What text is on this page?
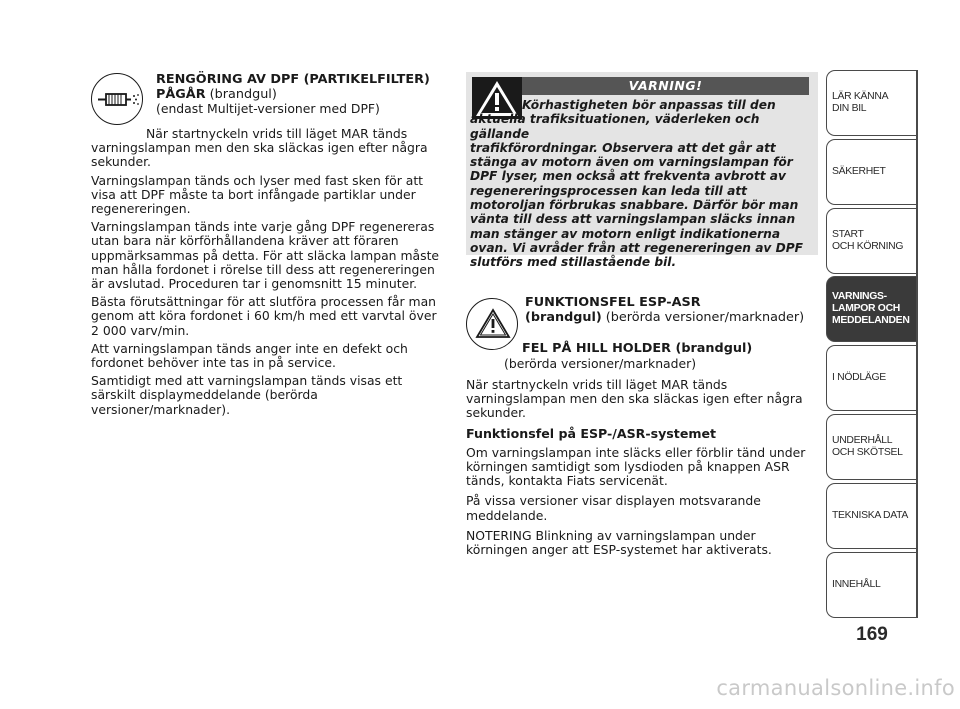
RENGÖRING AV DPF (PARTIKELFILTER)
PÅGÅR (brandgul)
(endast Multijet-versioner med DPF)

När startnyckeln vrids till läget MAR tänds varningslampan men den ska släckas igen efter några sekunder.

Varningslampan tänds och lyser med fast sken för att visa att DPF måste ta bort infångade partiklar under regenereringen.

Varningslampan tänds inte varje gång DPF regenereras utan bara när körförhållandena kräver att föraren uppmärksammas på detta. För att släcka lampan måste man hålla fordonet i rörelse till dess att regenereringen är avslutad. Proceduren tar i genomsnitt 15 minuter.

Bästa förutsättningar för att slutföra processen får man genom att köra fordonet i 60 km/h med ett varvtal över 2 000 varv/min.

Att varningslampan tänds anger inte en defekt och fordonet behöver inte tas in på service.

Samtidigt med att varningslampan tänds visas ett särskilt displaymeddelande (berörda versioner/marknader).

VARNING!
Körhastigheten bör anpassas till den aktuella trafiksituationen, väderleken och gällande
trafikförordningar. Observera att det går att stänga av motorn även om varningslampan för DPF lyser, men också att frekventa avbrott av regenereringsprocessen kan leda till att motoroljan förbrukas snabbare. Därför bör man vänta till dess att varningslampan släcks innan man stänger av motorn enligt indikationerna ovan. Vi avråder från att regenereringen av DPF slutförs med stillastående bil.
FUNKTIONSFEL ESP-ASR
(brandgul) (berörda versioner/marknader)
FEL PÅ HILL HOLDER (brandgul)
(berörda versioner/marknader)

När startnyckeln vrids till läget MAR tänds varningslampan men den ska släckas igen efter några sekunder.

Funktionsfel på ESP-/ASR-systemet

Om varningslampan inte släcks eller förblir tänd under körningen samtidigt som lysdioden på knappen ASR tänds, kontakta Fiats servicenät.

På vissa versioner visar displayen motsvarande meddelande.

NOTERING Blinkning av varningslampan under körningen anger att ESP-systemet har aktiverats.

LÄR KÄNNA
DIN BIL
SÄKERHET
START
OCH KÖRNING
VARNINGS-
LAMPOR OCH
MEDDELANDEN
I NÖDLÄGE
UNDERHÅLL
OCH SKÖTSEL
TEKNISKA DATA
INNEHÅLL
169
carmanualsonline.info
